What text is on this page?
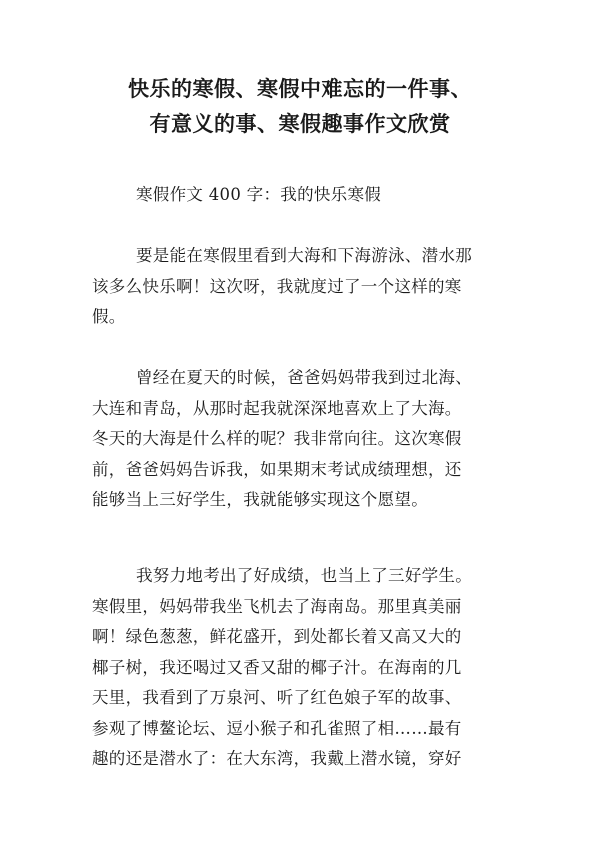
快乐的寒假、寒假中难忘的一件事、
有意义的事、寒假趣事作文欣赏
寒假作文 400 字：我的快乐寒假
要是能在寒假里看到大海和下海游泳、潜水那
该多么快乐啊！这次呀，我就度过了一个这样的寒
假。
曾经在夏天的时候，爸爸妈妈带我到过北海、
大连和青岛，从那时起我就深深地喜欢上了大海。
冬天的大海是什么样的呢？我非常向往。这次寒假
前，爸爸妈妈告诉我，如果期末考试成绩理想，还
能够当上三好学生，我就能够实现这个愿望。
我努力地考出了好成绩，也当上了三好学生。
寒假里，妈妈带我坐飞机去了海南岛。那里真美丽
啊！绿色葱葱，鲜花盛开，到处都长着又高又大的
椰子树，我还喝过又香又甜的椰子汁。在海南的几
天里，我看到了万泉河、听了红色娘子军的故事、
参观了博鳌论坛、逗小猴子和孔雀照了相……最有
趣的还是潜水了：在大东湾，我戴上潜水镜，穿好
